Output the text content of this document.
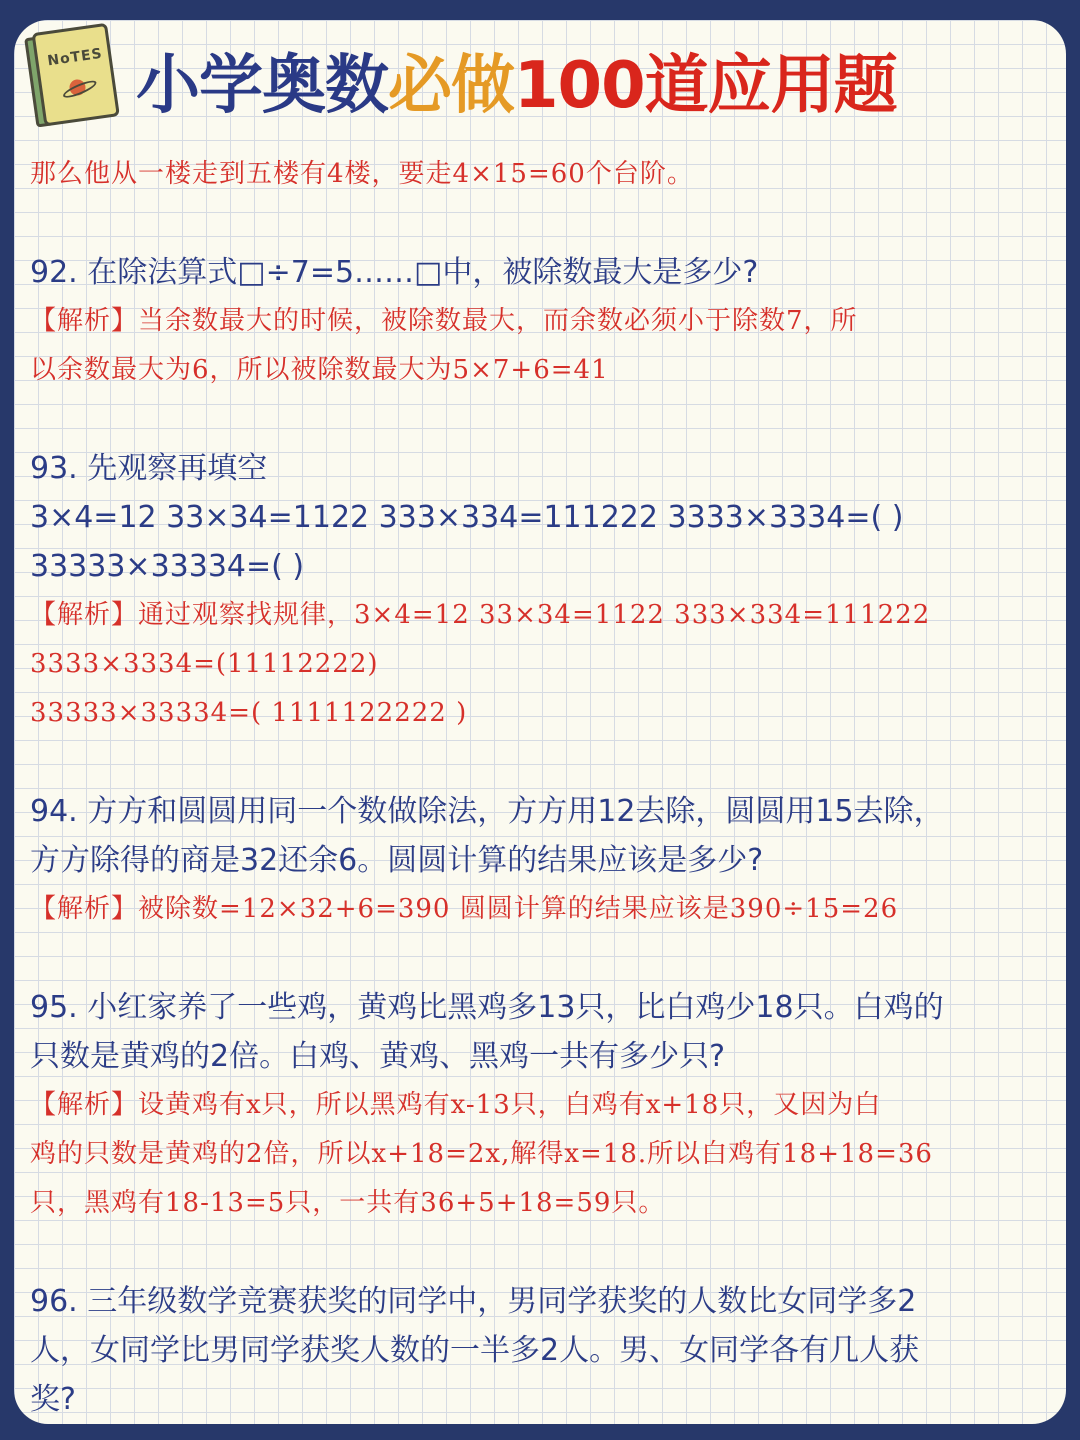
NoTES 小学奥数必做100道应用题

那么他从一楼走到五楼有4楼，要走4×15=60个台阶。

92. 在除法算式□÷7=5……□中，被除数最大是多少?

【解析】当余数最大的时候，被除数最大，而余数必须小于除数7，所

以余数最大为6，所以被除数最大为5×7+6=41

93. 先观察再填空

3×4=12 33×34=1122 333×334=111222 3333×3334=( )

33333×33334=( )

【解析】通过观察找规律，3×4=12 33×34=1122 333×334=111222

3333×3334=(11112222)

33333×33334=( 1111122222 )

94. 方方和圆圆用同一个数做除法，方方用12去除，圆圆用15去除，

方方除得的商是32还余6。圆圆计算的结果应该是多少?

【解析】被除数=12×32+6=390 圆圆计算的结果应该是390÷15=26

95. 小红家养了一些鸡，黄鸡比黑鸡多13只，比白鸡少18只。白鸡的

只数是黄鸡的2倍。白鸡、黄鸡、黑鸡一共有多少只?

【解析】设黄鸡有x只，所以黑鸡有x-13只，白鸡有x+18只，又因为白

鸡的只数是黄鸡的2倍，所以x+18=2x,解得x=18.所以白鸡有18+18=36

只，黑鸡有18-13=5只，一共有36+5+18=59只。

96. 三年级数学竞赛获奖的同学中，男同学获奖的人数比女同学多2

人，女同学比男同学获奖人数的一半多2人。男、女同学各有几人获

奖?
